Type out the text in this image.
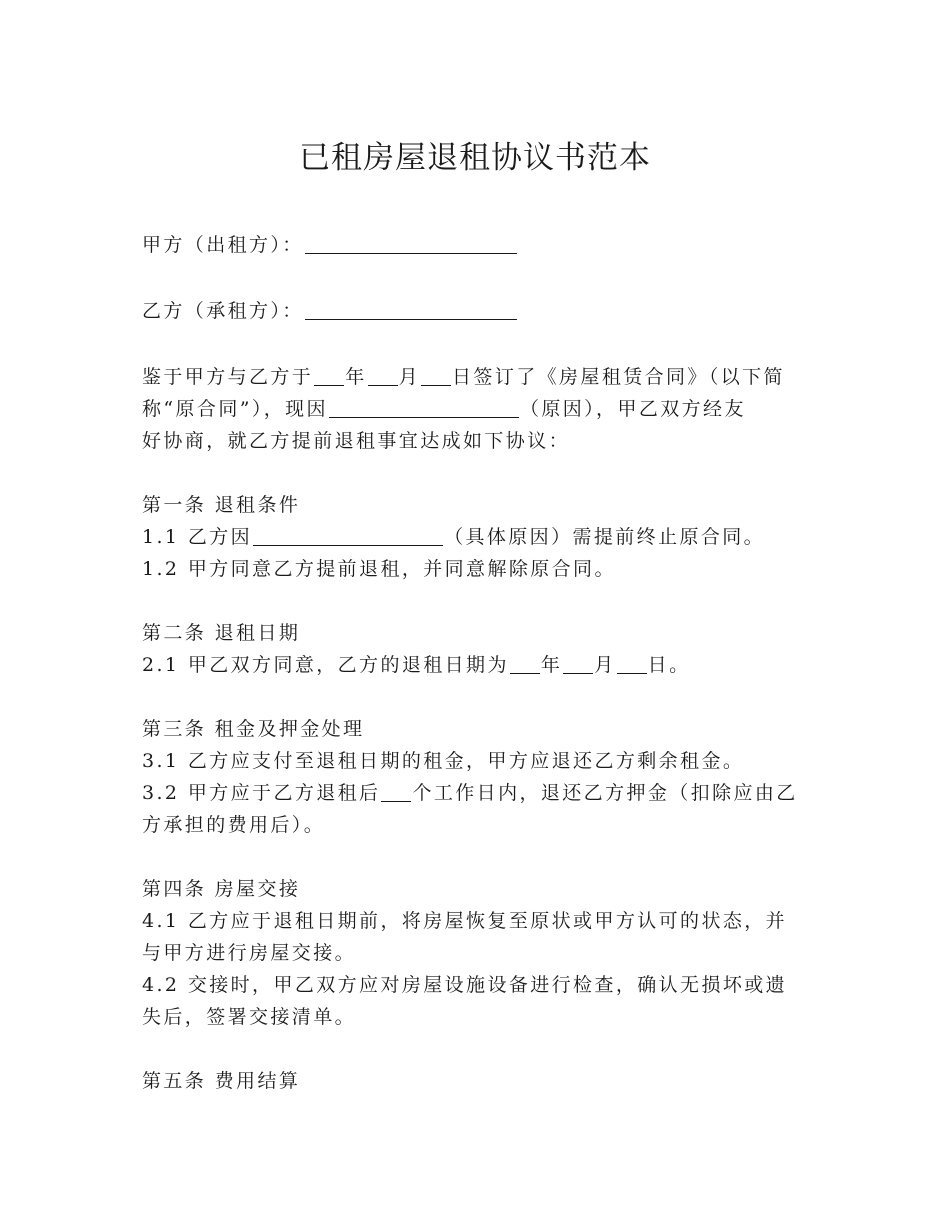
已租房屋退租协议书范本
甲方（出租方）：
乙方（承租方）：
鉴于甲方与乙方于 年 月 日签订了《房屋租赁合同》（以下简
称“原合同”），现因	（原因），甲乙双方经友
好协商，就乙方提前退租事宜达成如下协议：
第一条 退租条件
1.1 乙方因	（具体原因）需提前终止原合同。
1.2 甲方同意乙方提前退租，并同意解除原合同。
第二条 退租日期
2.1 甲乙双方同意，乙方的退租日期为 年 月 日。
第三条 租金及押金处理
3.1 乙方应支付至退租日期的租金，甲方应退还乙方剩余租金。
3.2 甲方应于乙方退租后 个工作日内，退还乙方押金（扣除应由乙
方承担的费用后）。
第四条 房屋交接
4.1 乙方应于退租日期前，将房屋恢复至原状或甲方认可的状态，并
与甲方进行房屋交接。
4.2 交接时，甲乙双方应对房屋设施设备进行检查，确认无损坏或遗
失后，签署交接清单。
第五条 费用结算
